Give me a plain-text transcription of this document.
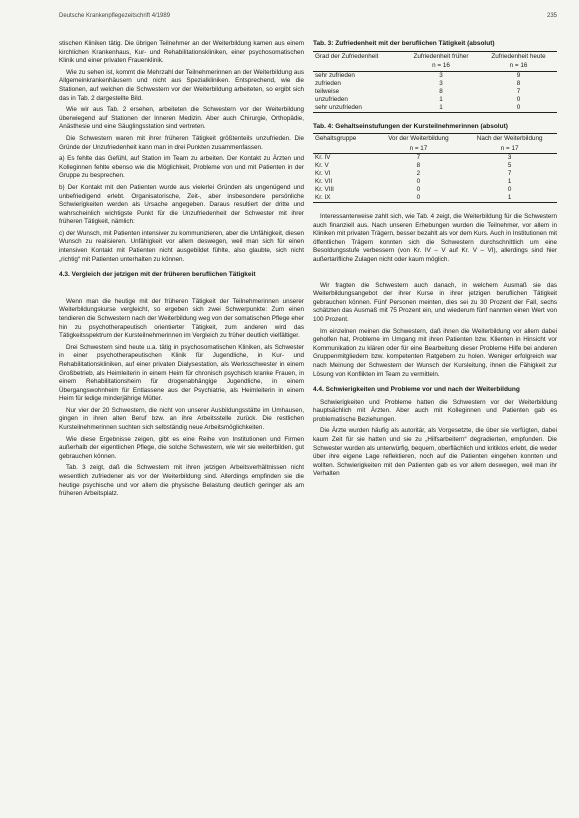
Deutsche Krankenpflegezeitschrift 4/1989	235

stischen Kliniken tätig. Die übrigen Teilnehmer an der Weiterbildung kamen aus einem kirchlichen Krankenhaus, Kur- und Rehabilitationskliniken, einer psychosomatischen Klinik und einer privaten Frauenklinik.

Wie zu sehen ist, kommt die Mehrzahl der Teilnehmerinnen an der Weiterbildung aus Allgemeinkrankenhäusern und nicht aus Spezialkliniken. Entsprechend, wie die Stationen, auf welchen die Schwestern vor der Weiterbildung arbeiteten, so ergibt sich das in Tab. 2 dargestellte Bild.

Wie wir aus Tab. 2 ersehen, arbeiteten die Schwestern vor der Weiterbildung überwiegend auf Stationen der Inneren Medizin. Aber auch Chirurgie, Orthopädie, Anästhesie und eine Säuglingsstation sind vertreten.

Die Schwestern waren mit ihrer früheren Tätigkeit größtenteils unzufrieden. Die Gründe der Unzufriedenheit kann man in drei Punkten zusammenfassen.

a) Es fehlte das Gefühl, auf Station im Team zu arbeiten. Der Kontakt zu Ärzten und Kolleginnen fehlte ebenso wie die Möglichkeit, Probleme von und mit Patienten in der Gruppe zu besprechen.

b) Der Kontakt mit den Patienten wurde aus vielerlei Gründen als ungenügend und unbefriedigend erlebt. Organisatorische, Zeit-, aber insbesondere persönliche Schwierigkeiten werden als Ursache angegeben. Daraus resultiert der dritte und wahrscheinlich wichtigste Punkt für die Unzufriedenheit der Schwester mit ihrer früheren Tätigkeit, nämlich:

c) der Wunsch, mit Patienten intensiver zu kommunizieren, aber die Unfähigkeit, diesen Wunsch zu realisieren. Unfähigkeit vor allem deswegen, weil man sich für einen intensiven Kontakt mit Patienten nicht ausgebildet fühlte, also glaubte, sich nicht „richtig“ mit Patienten unterhalten zu können.

4.3. Vergleich der jetzigen mit der früheren beruflichen Tätigkeit

Wenn man die heutige mit der früheren Tätigkeit der Teilnehmerinnen unserer Weiterbildungskurse vergleicht, so ergeben sich zwei Schwerpunkte: Zum einen tendieren die Schwestern nach der Weiterbildung weg von der somatischen Pflege eher hin zu psychotherapeutisch orientierter Tätigkeit, zum anderen wird das Tätigkeitsspektrum der Kursteilnehmerinnen im Vergleich zu früher deutlich vielfältiger.

Drei Schwestern sind heute u.a. tätig in psychosomatischen Kliniken, als Schwester in einer psychotherapeutischen Klinik für Jugendliche, in Kur- und Rehabilitationskliniken, auf einer privaten Dialysestation, als Werksschwester in einem Großbetrieb, als Heimleiterin in einem Heim für chronisch psychisch kranke Frauen, in einem Rehabilitationsheim für drogenabhängige Jugendliche, in einem Übergangswohnheim für Entlassene aus der Psychiatrie, als Heimleiterin in einem Heim für ledige minderjährige Mütter.

Nur vier der 20 Schwestern, die nicht von unserer Ausbildungsstätte im Umhausen, gingen in ihren alten Beruf bzw. an ihre Arbeitsstelle zurück. Die restlichen Kursteilnehmerinnen suchten sich selbständig neue Arbeitsmöglichkeiten.

Wie diese Ergebnisse zeigen, gibt es eine Reihe von Institutionen und Firmen außerhalb der eigentlichen Pflege, die solche Schwestern, wie wir sie weiterbilden, gut gebrauchen können.

Tab. 3 zeigt, daß die Schwestern mit ihren jetzigen Arbeitsverhältnissen nicht wesentlich zufriedener als vor der Weiterbildung sind. Allerdings empfinden sie die heutige psychische und vor allem die physische Belastung deutlich geringer als am früheren Arbeitsplatz.

Tab. 3: Zufriedenheit mit der beruflichen Tätigkeit (absolut)
Grad der Zufriedenheit	Zufriedenheit früher	Zufriedenheit heute
	n = 16	n = 16
sehr zufrieden	3	9
zufrieden	3	8
teilweise	8	7
unzufrieden	1	0
sehr unzufrieden	1	0
Tab. 4: Gehaltseinstufungen der Kursteilnehmerinnen (absolut)
Gehaltsgruppe	Vor der Weiterbildung	Nach der Weiterbildung
	n = 17	n = 17
Kr. IV	7	3
Kr. V	8	5
Kr. VI	2	7
Kr. VII	0	1
Kr. VIII	0	0
Kr. IX	0	1

Interessanterweise zahlt sich, wie Tab. 4 zeigt, die Weiterbildung für die Schwestern auch finanziell aus. Nach unseren Erhebungen wurden die Teilnehmer, vor allem in Kliniken mit privaten Trägern, besser bezahlt als vor dem Kurs. Auch in Institutionen mit öffentlichen Trägern konnten sich die Schwestern durchschnittlich um eine Besoldungsstufe verbessern (von Kr. IV – V auf Kr. V – VI), allerdings sind hier außertarifliche Zulagen nicht oder kaum möglich.

Wir fragten die Schwestern auch danach, in welchem Ausmaß sie das Weiterbildungsangebot der ihrer Kurse in ihrer jetzigen beruflichen Tätigkeit gebrauchen können. Fünf Personen meinten, dies sei zu 30 Prozent der Fall, sechs schätzten das Ausmaß mit 75 Prozent ein, und wiederum fünf nannten einen Wert von 100 Prozent.

Im einzelnen meinen die Schwestern, daß ihnen die Weiterbildung vor allem dabei geholfen hat, Probleme im Umgang mit ihren Patienten bzw. Klienten in Hinsicht vor Kommunikation zu klären oder für eine Bearbeitung dieser Probleme Hilfe bei anderen Gruppenmitgliedern bzw. kompetenten Ratgebern zu holen. Weniger erfolgreich war nach Meinung der Schwestern der Wunsch der Kursleitung, ihnen die Fähigkeit zur Lösung von Konflikten im Team zu vermitteln.

4.4. Schwierigkeiten und Probleme vor und nach der Weiterbildung

Schwierigkeiten und Probleme hatten die Schwestern vor der Weiterbildung hauptsächlich mit Ärzten. Aber auch mit Kolleginnen und Patienten gab es problematische Beziehungen.

Die Ärzte wurden häufig als autoritär, als Vorgesetzte, die über sie verfügten, dabei kaum Zeit für sie hatten und sie zu „Hilfsarbeitern“ degradierten, empfunden. Die Schwester wurden als unterwürfig, bequem, oberflächlich und kritiklos erlebt, die weder über ihre eigene Lage reflektieren, noch auf die Patienten eingehen konnten und wollten. Schwierigkeiten mit den Patienten gab es vor allem deswegen, weil man ihr Verhalten
